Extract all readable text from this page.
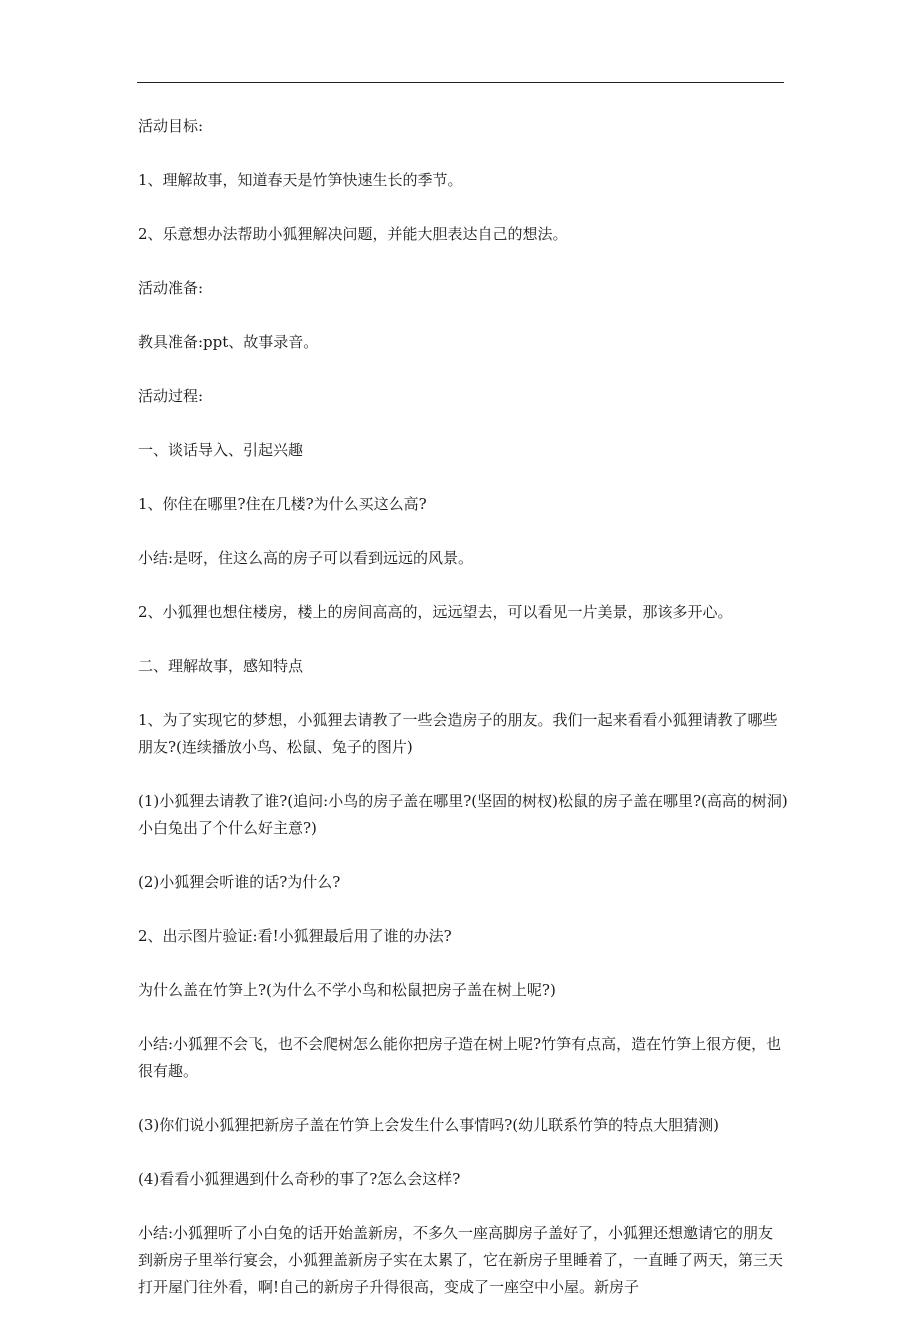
活动目标:

1、理解故事，知道春天是竹笋快速生长的季节。

2、乐意想办法帮助小狐狸解决问题，并能大胆表达自己的想法。

活动准备:

教具准备:ppt、故事录音。

活动过程:

一、谈话导入、引起兴趣

1、你住在哪里?住在几楼?为什么买这么高?

小结:是呀，住这么高的房子可以看到远远的风景。

2、小狐狸也想住楼房，楼上的房间高高的，远远望去，可以看见一片美景，那该多开心。

二、理解故事，感知特点

1、为了实现它的梦想，小狐狸去请教了一些会造房子的朋友。我们一起来看看小狐狸请教了哪些朋友?(连续播放小鸟、松鼠、兔子的图片)

(1)小狐狸去请教了谁?(追问:小鸟的房子盖在哪里?(坚固的树杈)松鼠的房子盖在哪里?(高高的树洞)小白兔出了个什么好主意?)

(2)小狐狸会听谁的话?为什么?

2、出示图片验证:看!小狐狸最后用了谁的办法?

为什么盖在竹笋上?(为什么不学小鸟和松鼠把房子盖在树上呢?)

小结:小狐狸不会飞，也不会爬树怎么能你把房子造在树上呢?竹笋有点高，造在竹笋上很方便，也很有趣。

(3)你们说小狐狸把新房子盖在竹笋上会发生什么事情吗?(幼儿联系竹笋的特点大胆猜测)

(4)看看小狐狸遇到什么奇秒的事了?怎么会这样?

小结:小狐狸听了小白兔的话开始盖新房，不多久一座高脚房子盖好了，小狐狸还想邀请它的朋友到新房子里举行宴会，小狐狸盖新房子实在太累了，它在新房子里睡着了，一直睡了两天，第三天打开屋门往外看，啊!自己的新房子升得很高，变成了一座空中小屋。新房子
